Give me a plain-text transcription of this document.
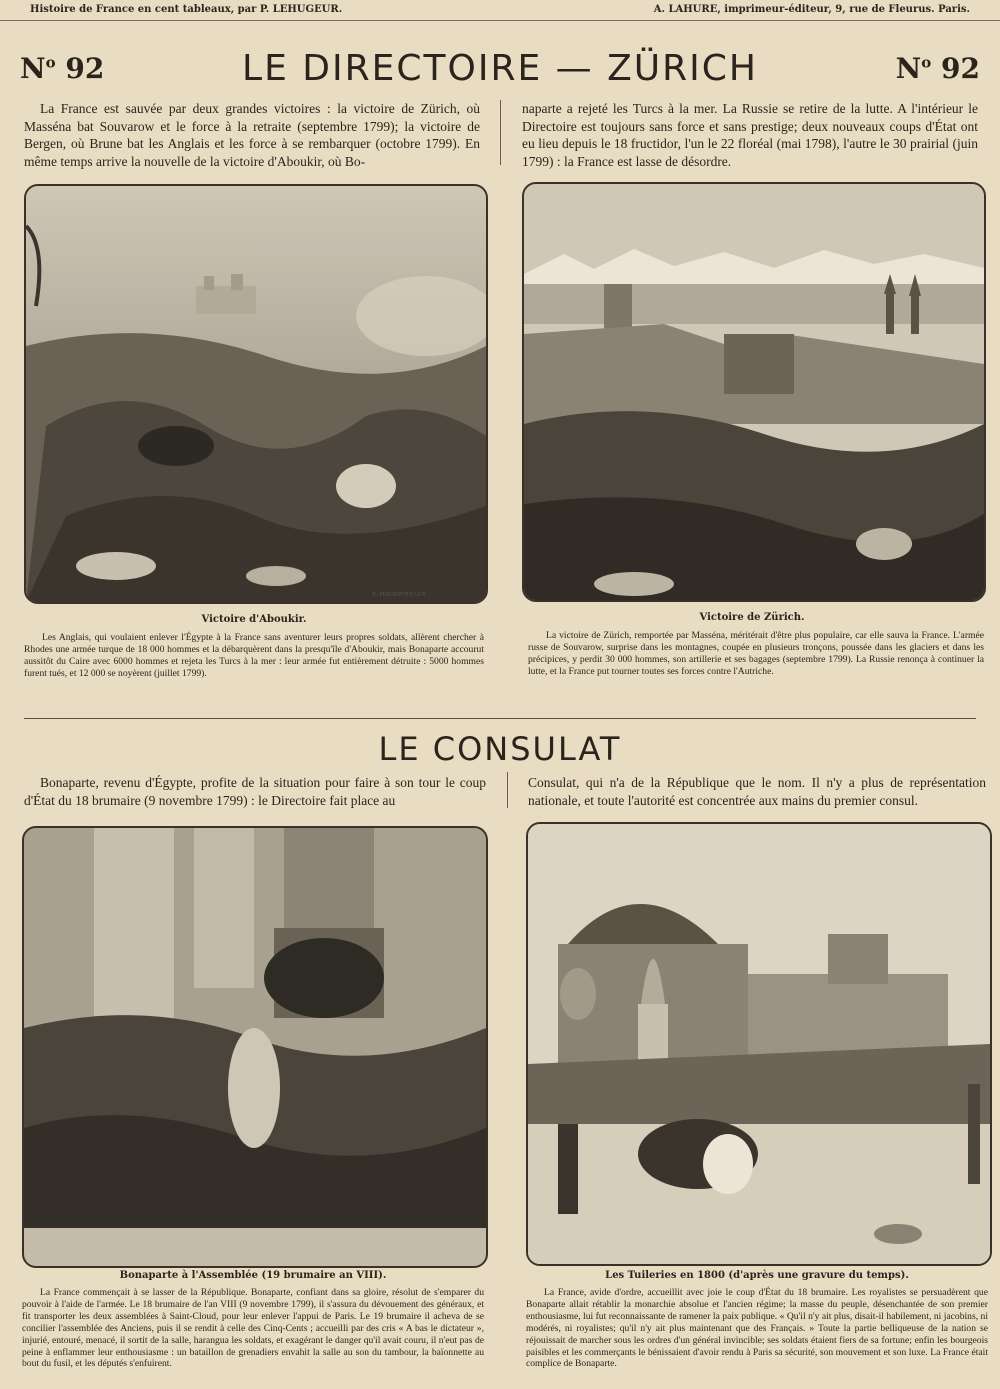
Histoire de France en cent tableaux, par P. LEHUGEUR.	A. LAHURE, imprimeur-éditeur, 9, rue de Fleurus. Paris.
$N^o$ 92	$N^o$ 92
LE DIRECTOIRE — ZÜRICH
La France est sauvée par deux grandes victoires : la victoire de Zürich, où Masséna bat Souvarow et le force à la retraite (septembre 1799); la victoire de Bergen, où Brune bat les Anglais et les force à se rembarquer (octobre 1799). En même temps arrive la nouvelle de la victoire d'Aboukir, où Bo-
naparte a rejeté les Turcs à la mer. La Russie se retire de la lutte. A l'intérieur le Directoire est toujours sans force et sans prestige; deux nouveaux coups d'État ont eu lieu depuis le 18 fructidor, l'un le 22 floréal (mai 1798), l'autre le 30 prairial (juin 1799) : la France est lasse de désordre.
E. PHILIPPOTEAUX
Victoire d'Aboukir.
Les Anglais, qui voulaient enlever l'Égypte à la France sans aventurer leurs propres soldats, allèrent chercher à Rhodes une armée turque de 18 000 hommes et la débarquèrent dans la presqu'île d'Aboukir, mais Bonaparte accourut aussitôt du Caire avec 6000 hommes et rejeta les Turcs à la mer : leur armée fut entièrement détruite : 5000 hommes furent tués, et 12 000 se noyèrent (juillet 1799).
Victoire de Zürich.
La victoire de Zürich, remportée par Masséna, méritérait d'être plus populaire, car elle sauva la France. L'armée russe de Souvarow, surprise dans les montagnes, coupée en plusieurs tronçons, poussée dans les glaciers et dans les précipices, y perdit 30 000 hommes, son artillerie et ses bagages (septembre 1799). La Russie renonça à continuer la lutte, et la France put tourner toutes ses forces contre l'Autriche.
LE CONSULAT
Bonaparte, revenu d'Égypte, profite de la situation pour faire à son tour le coup d'État du 18 brumaire (9 novembre 1799) : le Directoire fait place au
Consulat, qui n'a de la République que le nom. Il n'y a plus de représentation nationale, et toute l'autorité est concentrée aux mains du premier consul.
Bonaparte à l'Assemblée (19 brumaire an VIII).
La France commençait à se lasser de la République. Bonaparte, confiant dans sa gloire, résolut de s'emparer du pouvoir à l'aide de l'armée. Le 18 brumaire de l'an VIII (9 novembre 1799), il s'assura du dévouement des généraux, et fit transporter les deux assemblées à Saint-Cloud, pour leur enlever l'appui de Paris. Le 19 brumaire il acheva de se concilier l'assemblée des Anciens, puis il se rendit à celle des Cinq-Cents ; accueilli par des cris « A bas le dictateur », injurié, entouré, menacé, il sortit de la salle, harangua les soldats, et exagérant le danger qu'il avait couru, il n'eut pas de peine à enflammer leur enthousiasme : un bataillon de grenadiers envahit la salle au son du tambour, la baïonnette au bout du fusil, et les députés s'enfuirent.
Les Tuileries en 1800 (d'après une gravure du temps).
La France, avide d'ordre, accueillit avec joie le coup d'État du 18 brumaire. Les royalistes se persuadèrent que Bonaparte allait rétablir la monarchie absolue et l'ancien régime; la masse du peuple, désenchantée de son premier enthousiasme, lui fut reconnaissante de ramener la paix publique. « Qu'il n'y ait plus, disait-il habilement, ni jacobins, ni modérés, ni royalistes; qu'il n'y ait plus maintenant que des Français. » Toute la partie belliqueuse de la nation se réjouissait de marcher sous les ordres d'un général invincible; ses soldats étaient fiers de sa fortune; enfin les bourgeois paisibles et les commerçants le bénissaient d'avoir rendu à Paris sa sécurité, son mouvement et son luxe. La France était complice de Bonaparte.
